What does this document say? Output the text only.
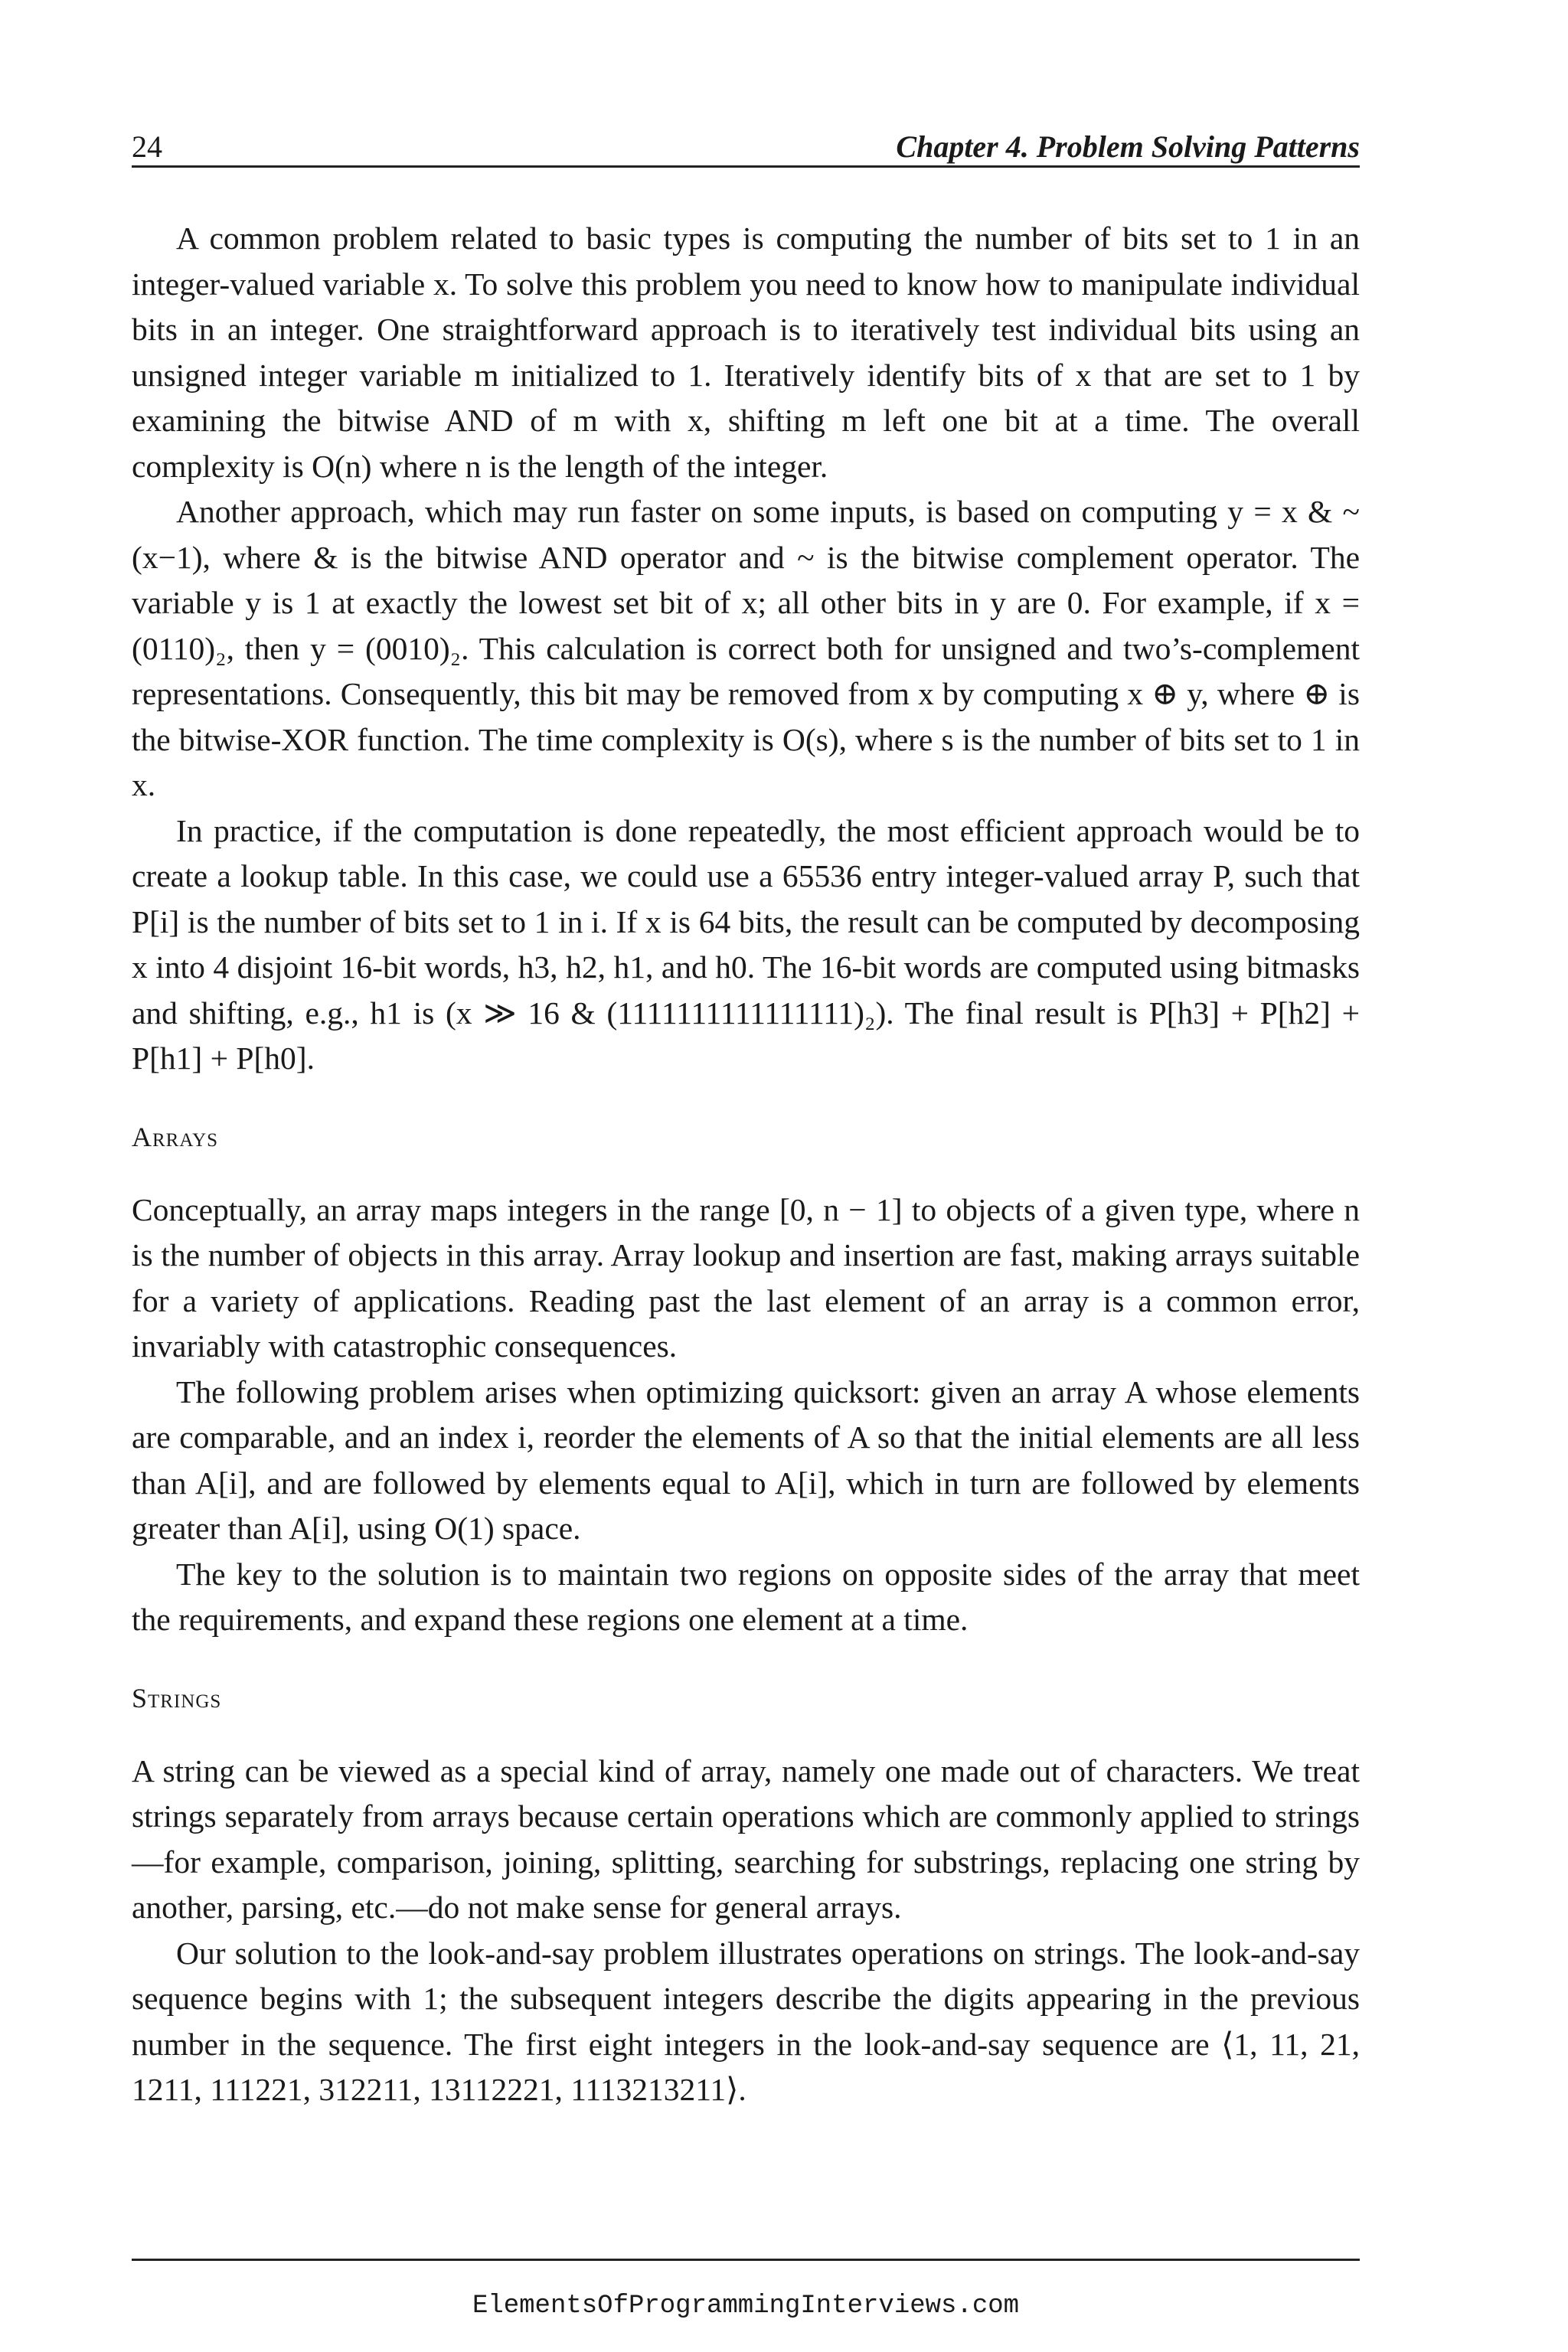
24	Chapter 4. Problem Solving Patterns

A common problem related to basic types is computing the number of bits set to 1 in an integer-valued variable x. To solve this problem you need to know how to manipulate individual bits in an integer. One straightforward approach is to iteratively test individual bits using an unsigned integer variable m initialized to 1. Iteratively identify bits of x that are set to 1 by examining the bitwise AND of m with x, shifting m left one bit at a time. The overall complexity is O(n) where n is the length of the integer.

Another approach, which may run faster on some inputs, is based on computing y = x & ~(x−1), where & is the bitwise AND operator and ~ is the bitwise complement operator. The variable y is 1 at exactly the lowest set bit of x; all other bits in y are 0. For example, if x = (0110)₂, then y = (0010)₂. This calculation is correct both for unsigned and two’s-complement representations. Consequently, this bit may be removed from x by computing x ⊕ y, where ⊕ is the bitwise-XOR function. The time complexity is O(s), where s is the number of bits set to 1 in x.

In practice, if the computation is done repeatedly, the most efficient approach would be to create a lookup table. In this case, we could use a 65536 entry integer-valued array P, such that P[i] is the number of bits set to 1 in i. If x is 64 bits, the result can be computed by decomposing x into 4 disjoint 16-bit words, h3, h2, h1, and h0. The 16-bit words are computed using bitmasks and shifting, e.g., h1 is (x ≫ 16 & (1111111111111111)₂). The final result is P[h3] + P[h2] + P[h1] + P[h0].

Arrays

Conceptually, an array maps integers in the range [0, n − 1] to objects of a given type, where n is the number of objects in this array. Array lookup and insertion are fast, making arrays suitable for a variety of applications. Reading past the last element of an array is a common error, invariably with catastrophic consequences.

The following problem arises when optimizing quicksort: given an array A whose elements are comparable, and an index i, reorder the elements of A so that the initial elements are all less than A[i], and are followed by elements equal to A[i], which in turn are followed by elements greater than A[i], using O(1) space.

The key to the solution is to maintain two regions on opposite sides of the array that meet the requirements, and expand these regions one element at a time.

Strings

A string can be viewed as a special kind of array, namely one made out of characters. We treat strings separately from arrays because certain operations which are commonly applied to strings—for example, comparison, joining, splitting, searching for substrings, replacing one string by another, parsing, etc.—do not make sense for general arrays.

Our solution to the look-and-say problem illustrates operations on strings. The look-and-say sequence begins with 1; the subsequent integers describe the digits appearing in the previous number in the sequence. The first eight integers in the look-and-say sequence are ⟨1, 11, 21, 1211, 111221, 312211, 13112221, 1113213211⟩.

ElementsOfProgrammingInterviews.com
